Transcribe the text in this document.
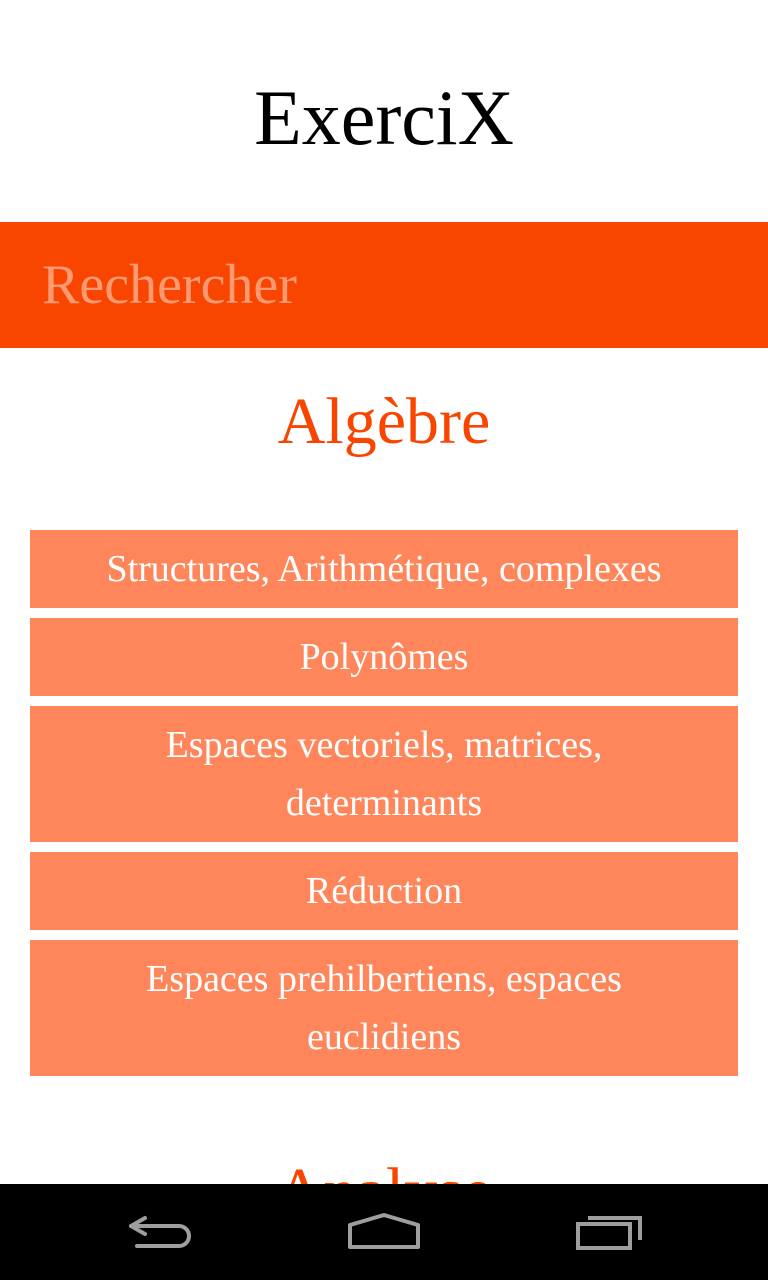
ExerciX
Rechercher
Algèbre
Structures, Arithmétique, complexes
Polynômes
Espaces vectoriels, matrices, determinants
Réduction
Espaces prehilbertiens, espaces euclidiens
